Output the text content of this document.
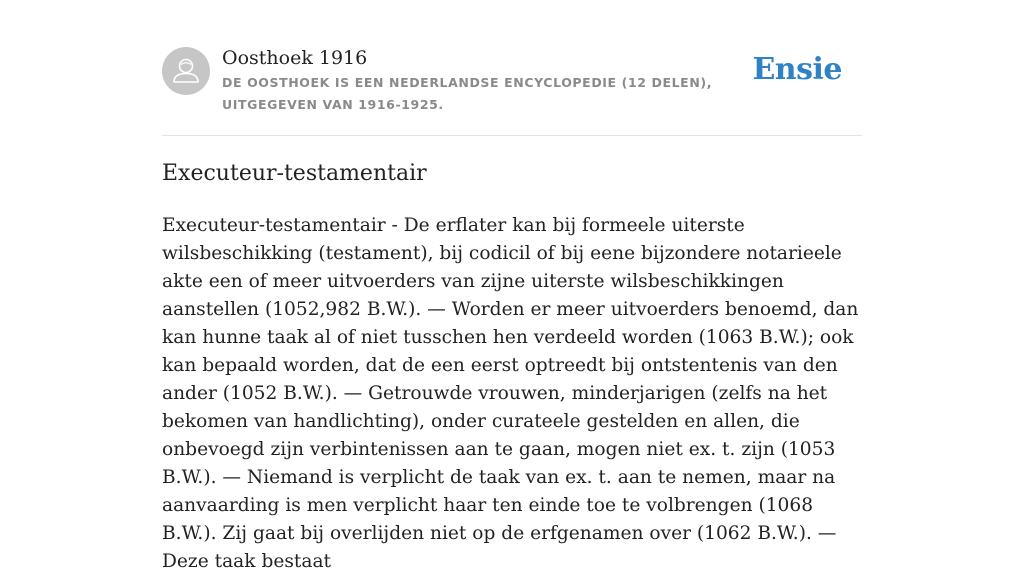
Oosthoek 1916
DE OOSTHOEK IS EEN NEDERLANDSE ENCYCLOPEDIE (12 DELEN), UITGEGEVEN VAN 1916-1925.
Ensie
Executeur-testamentair

Executeur-testamentair - De erflater kan bij formeele uiterste wilsbeschikking (testament), bij codicil of bij eene bijzondere notarieele akte een of meer uitvoerders van zijne uiterste wilsbeschikkingen aanstellen (1052,982 B.W.). — Worden er meer uitvoerders benoemd, dan kan hunne taak al of niet tusschen hen verdeeld worden (1063 B.W.); ook kan bepaald worden, dat de een eerst optreedt bij ontstentenis van den ander (1052 B.W.). — Getrouwde vrouwen, minderjarigen (zelfs na het bekomen van handlichting), onder curateele gestelden en allen, die onbevoegd zijn verbintenissen aan te gaan, mogen niet ex. t. zijn (1053 B.W.). — Niemand is verplicht de taak van ex. t. aan te nemen, maar na aanvaarding is men verplicht haar ten einde toe te volbrengen (1068 B.W.). Zij gaat bij overlijden niet op de erfgenamen over (1062 B.W.). — Deze taak bestaat
